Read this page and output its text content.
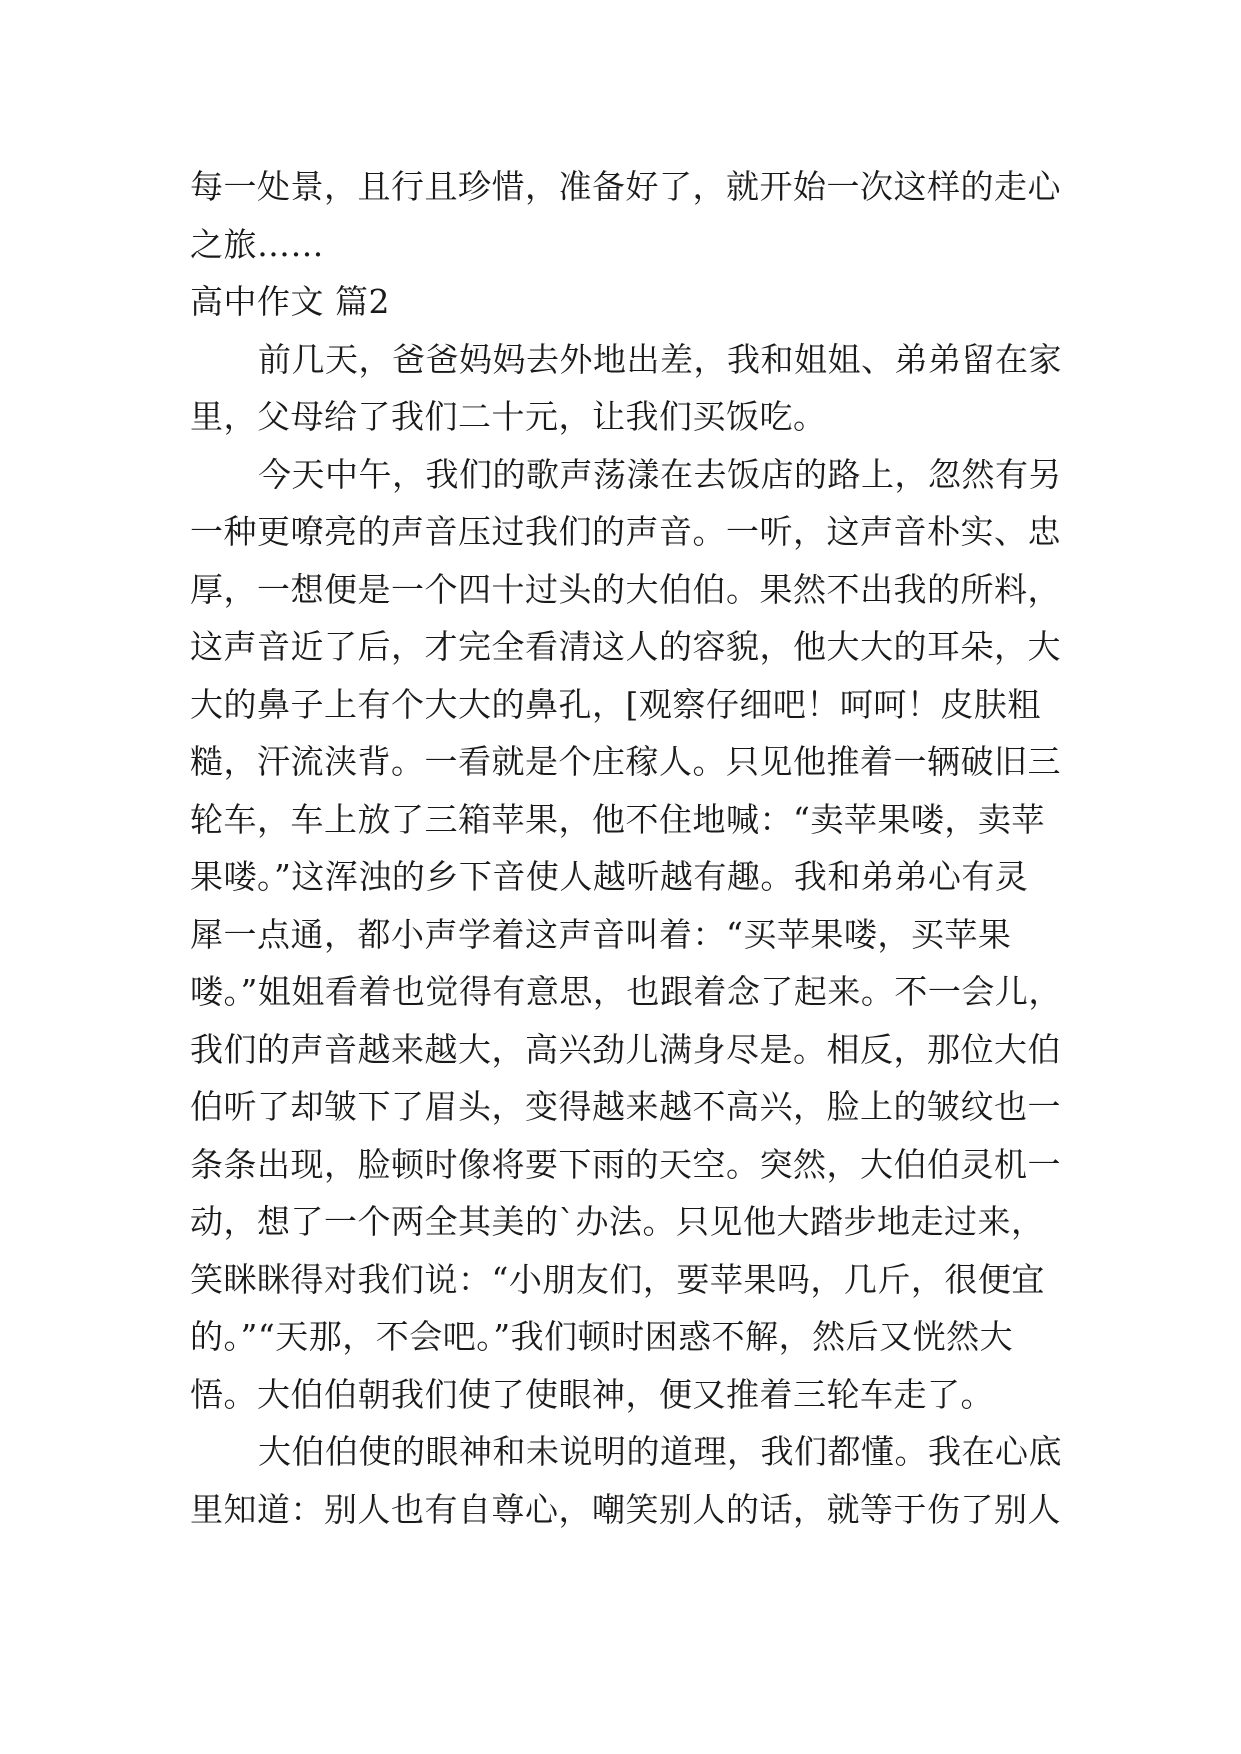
每一处景，且行且珍惜，准备好了，就开始一次这样的走心
之旅……
高中作文 篇2
前几天，爸爸妈妈去外地出差，我和姐姐、弟弟留在家
里，父母给了我们二十元，让我们买饭吃。
今天中午，我们的歌声荡漾在去饭店的路上，忽然有另
一种更嘹亮的声音压过我们的声音。一听，这声音朴实、忠
厚，一想便是一个四十过头的大伯伯。果然不出我的所料，
这声音近了后，才完全看清这人的容貌，他大大的耳朵，大
大的鼻子上有个大大的鼻孔，[观察仔细吧！呵呵！皮肤粗
糙，汗流浃背。一看就是个庄稼人。只见他推着一辆破旧三
轮车，车上放了三箱苹果，他不住地喊：“卖苹果喽，卖苹
果喽。”这浑浊的乡下音使人越听越有趣。我和弟弟心有灵
犀一点通，都小声学着这声音叫着：“买苹果喽，买苹果
喽。”姐姐看着也觉得有意思，也跟着念了起来。不一会儿，
我们的声音越来越大，高兴劲儿满身尽是。相反，那位大伯
伯听了却皱下了眉头，变得越来越不高兴，脸上的皱纹也一
条条出现，脸顿时像将要下雨的天空。突然，大伯伯灵机一
动，想了一个两全其美的`办法。只见他大踏步地走过来，
笑眯眯得对我们说：“小朋友们，要苹果吗，几斤，很便宜
的。”“天那，不会吧。”我们顿时困惑不解，然后又恍然大
悟。大伯伯朝我们使了使眼神，便又推着三轮车走了。
大伯伯使的眼神和未说明的道理，我们都懂。我在心底
里知道：别人也有自尊心，嘲笑别人的话，就等于伤了别人
